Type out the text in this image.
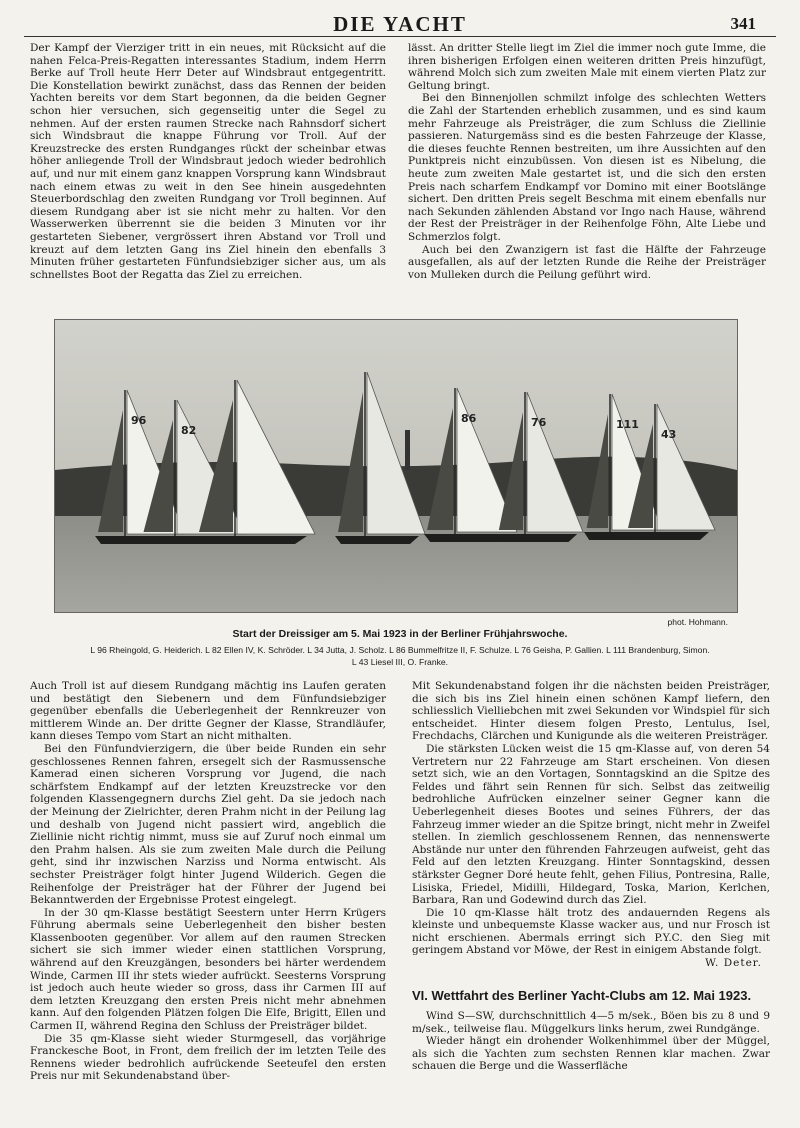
DIE YACHT	341

Der Kampf der Vierziger tritt in ein neues, mit Rücksicht auf die nahen Felca-Preis-Regatten interessantes Stadium, indem Herrn Berke auf Troll heute Herr Deter auf Windsbraut entgegentritt. Die Konstellation bewirkt zunächst, dass das Rennen der beiden Yachten bereits vor dem Start begonnen, da die beiden Gegner schon hier versuchen, sich gegenseitig unter die Segel zu nehmen. Auf der ersten raumen Strecke nach Rahnsdorf sichert sich Windsbraut die knappe Führung vor Troll. Auf der Kreuzstrecke des ersten Rundganges rückt der scheinbar etwas höher anliegende Troll der Windsbraut jedoch wieder bedrohlich auf, und nur mit einem ganz knappen Vorsprung kann Windsbraut nach einem etwas zu weit in den See hinein ausgedehnten Steuerbordschlag den zweiten Rundgang vor Troll beginnen. Auf diesem Rundgang aber ist sie nicht mehr zu halten. Vor den Wasserwerken überrennt sie die beiden 3 Minuten vor ihr gestarteten Siebener, vergrössert ihren Abstand vor Troll und kreuzt auf dem letzten Gang ins Ziel hinein den ebenfalls 3 Minuten früher gestarteten Fünfundsiebziger sicher aus, um als schnellstes Boot der Regatta das Ziel zu erreichen.

lässt. An dritter Stelle liegt im Ziel die immer noch gute Imme, die ihren bisherigen Erfolgen einen weiteren dritten Preis hinzufügt, während Molch sich zum zweiten Male mit einem vierten Platz zur Geltung bringt.

Bei den Binnenjollen schmilzt infolge des schlechten Wetters die Zahl der Startenden erheblich zusammen, und es sind kaum mehr Fahrzeuge als Preisträger, die zum Schluss die Ziellinie passieren. Naturgemäss sind es die besten Fahrzeuge der Klasse, die dieses feuchte Rennen bestreiten, um ihre Aussichten auf den Punktpreis nicht einzubüssen. Von diesen ist es Nibelung, die heute zum zweiten Male gestartet ist, und die sich den ersten Preis nach scharfem Endkampf vor Domino mit einer Bootslänge sichert. Den dritten Preis segelt Beschma mit einem ebenfalls nur nach Sekunden zählenden Abstand vor Ingo nach Hause, während der Rest der Preisträger in der Reihenfolge Föhn, Alte Liebe und Schmerzlos folgt.

Auch bei den Zwanzigern ist fast die Hälfte der Fahrzeuge ausgefallen, als auf der letzten Runde die Reihe der Preisträger von Mulleken durch die Peilung geführt wird.

96
82
86	76	111
43
phot. Hohmann.
Start der Dreissiger am 5. Mai 1923 in der Berliner Frühjahrswoche.
L 96 Rheingold, G. Heiderich. L 82 Ellen IV, K. Schröder. L 34 Jutta, J. Scholz. L 86 Bummelfritze II, F. Schulze. L 76 Geisha, P. Gallien. L 111 Brandenburg, Simon.
L 43 Liesel III, O. Franke.

Auch Troll ist auf diesem Rundgang mächtig ins Laufen geraten und bestätigt den Siebenern und dem Fünfundsiebziger gegenüber ebenfalls die Ueberlegenheit der Rennkreuzer von mittlerem Winde an. Der dritte Gegner der Klasse, Strandläufer, kann dieses Tempo vom Start an nicht mithalten.

Bei den Fünfundvierzigern, die über beide Runden ein sehr geschlossenes Rennen fahren, ersegelt sich der Rasmussensche Kamerad einen sicheren Vorsprung vor Jugend, die nach schärfstem Endkampf auf der letzten Kreuzstrecke vor den folgenden Klassengegnern durchs Ziel geht. Da sie jedoch nach der Meinung der Zielrichter, deren Prahm nicht in der Peilung lag und deshalb von Jugend nicht passiert wird, angeblich die Ziellinie nicht richtig nimmt, muss sie auf Zuruf noch einmal um den Prahm halsen. Als sie zum zweiten Male durch die Peilung geht, sind ihr inzwischen Narziss und Norma entwischt. Als sechster Preisträger folgt hinter Jugend Wilderich. Gegen die Reihenfolge der Preisträger hat der Führer der Jugend bei Bekanntwerden der Ergebnisse Protest eingelegt.

In der 30 qm-Klasse bestätigt Seestern unter Herrn Krügers Führung abermals seine Ueberlegenheit den bisher besten Klassenbooten gegenüber. Vor allem auf den raumen Strecken sichert sie sich immer wieder einen stattlichen Vorsprung, während auf den Kreuzgängen, besonders bei härter werdendem Winde, Carmen III ihr stets wieder aufrückt. Seesterns Vorsprung ist jedoch auch heute wieder so gross, dass ihr Carmen III auf dem letzten Kreuzgang den ersten Preis nicht mehr abnehmen kann. Auf den folgenden Plätzen folgen Die Elfe, Brigitt, Ellen und Carmen II, während Regina den Schluss der Preisträger bildet.

Die 35 qm-Klasse sieht wieder Sturmgesell, das vorjährige Franckesche Boot, in Front, dem freilich der im letzten Teile des Rennens wieder bedrohlich aufrückende Seeteufel den ersten Preis nur mit Sekundenabstand über-

Mit Sekundenabstand folgen ihr die nächsten beiden Preisträger, die sich bis ins Ziel hinein einen schönen Kampf liefern, den schliesslich Vielliebchen mit zwei Sekunden vor Windspiel für sich entscheidet. Hinter diesem folgen Presto, Lentulus, Isel, Frechdachs, Clärchen und Kunigunde als die weiteren Preisträger.

Die stärksten Lücken weist die 15 qm-Klasse auf, von deren 54 Vertretern nur 22 Fahrzeuge am Start erscheinen. Von diesen setzt sich, wie an den Vortagen, Sonntagskind an die Spitze des Feldes und fährt sein Rennen für sich. Selbst das zeitweilig bedrohliche Aufrücken einzelner seiner Gegner kann die Ueberlegenheit dieses Bootes und seines Führers, der das Fahrzeug immer wieder an die Spitze bringt, nicht mehr in Zweifel stellen. In ziemlich geschlossenem Rennen, das nennenswerte Abstände nur unter den führenden Fahrzeugen aufweist, geht das Feld auf den letzten Kreuzgang. Hinter Sonntagskind, dessen stärkster Gegner Doré heute fehlt, gehen Filius, Pontresina, Ralle, Lisiska, Friedel, Midilli, Hildegard, Toska, Marion, Kerlchen, Barbara, Ran und Godewind durch das Ziel.

Die 10 qm-Klasse hält trotz des andauernden Regens als kleinste und unbequemste Klasse wacker aus, und nur Frosch ist nicht erschienen. Abermals erringt sich P.Y.C. den Sieg mit geringem Abstand vor Möwe, der Rest in einigem Abstande folgt.

W. Deter.

VI. Wettfahrt des Berliner Yacht-Clubs am 12. Mai 1923.

Wind S—SW, durchschnittlich 4—5 m/sek., Böen bis zu 8 und 9 m/sek., teilweise flau. Müggelkurs links herum, zwei Rundgänge.

Wieder hängt ein drohender Wolkenhimmel über der Müggel, als sich die Yachten zum sechsten Rennen klar machen. Zwar schauen die Berge und die Wasserfläche
